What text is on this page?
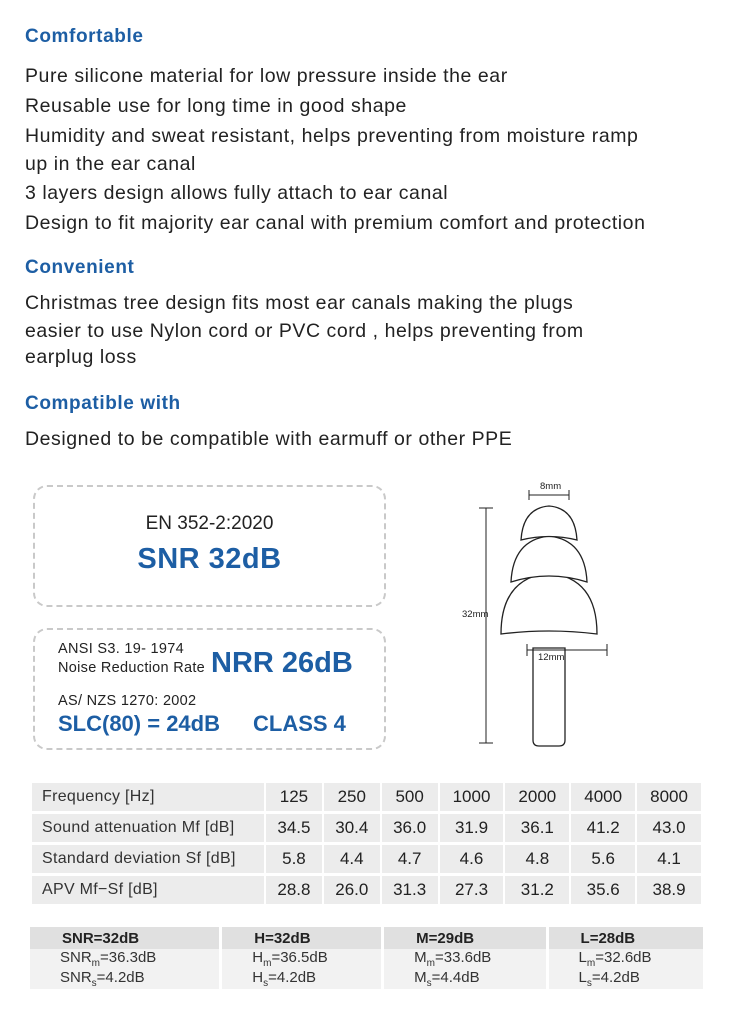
Comfortable
Pure silicone material for low pressure inside the ear
Reusable use for long time in good shape
Humidity and sweat resistant, helps preventing from moisture ramp
up in the ear canal
3 layers design allows fully attach to ear canal
Design to fit majority ear canal with premium comfort and protection
Convenient
Christmas tree design fits most ear canals making the plugs
easier to use Nylon cord or PVC cord , helps preventing from
earplug loss
Compatible with
Designed to be compatible with earmuff or other PPE
EN 352-2:2020
SNR 32dB
ANSI S3. 19- 1974
Noise Reduction Rate NRR 26dB
AS/ NZS 1270: 2002
SLC(80) = 24dB CLASS 4
8mm
32mm
12mm
Frequency [Hz]	125	250	500	1000	2000	4000	8000
Sound attenuation Mf [dB]	34.5	30.4	36.0	31.9	36.1	41.2	43.0
Standard deviation Sf [dB]	5.8	4.4	4.7	4.6	4.8	5.6	4.1
APV Mf−Sf [dB]	28.8	26.0	31.3	27.3	31.2	35.6	38.9
SNR=32dB	H=32dB	M=29dB	L=28dB
$SNR_m=36.3dB$	$H_m=36.5dB$	$M_m=33.6dB$	$L_m=32.6dB$
$SNR_s=4.2dB$	$H_s=4.2dB$	$M_s=4.4dB$	$L_s=4.2dB$
